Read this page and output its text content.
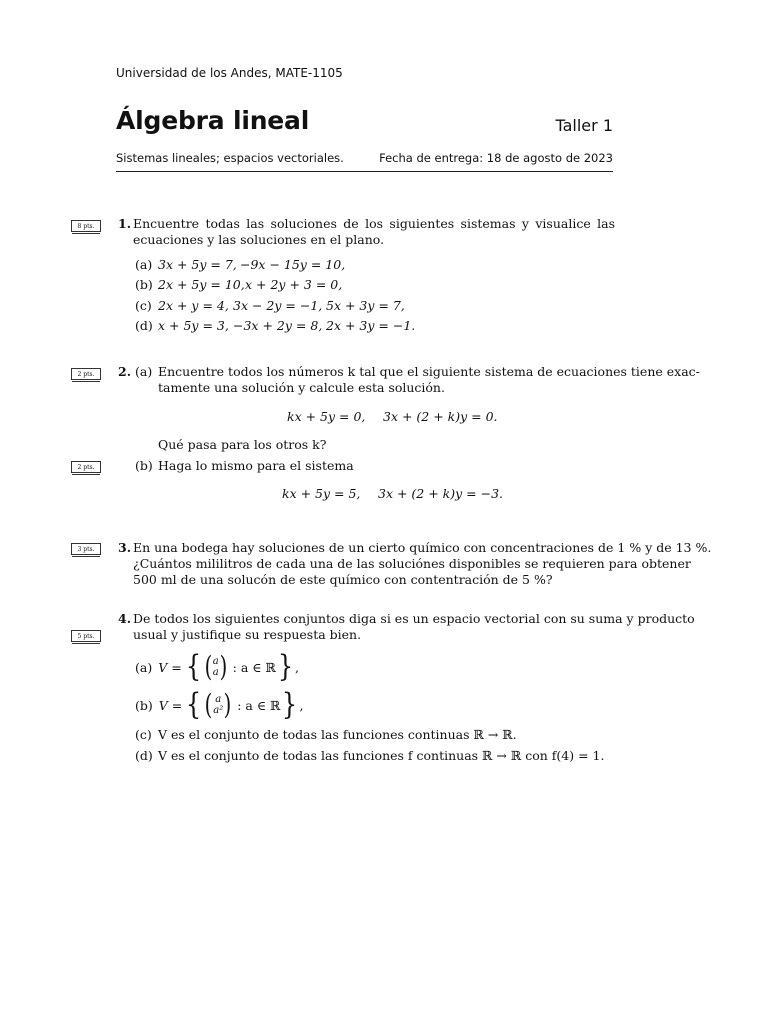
Universidad de los Andes, MATE-1105
Álgebra lineal	Taller 1
Sistemas lineales; espacios vectoriales.	Fecha de entrega: 18 de agosto de 2023
8 pts.	1. Encuentre todas las soluciones de los siguientes sistemas y visualice las ecuaciones y las soluciones en el plano.
(a) 3x + 5y = 7, −9x − 15y = 10,
(b) 2x + 5y = 10, x + 2y + 3 = 0,
(c) 2x + y = 4, 3x − 2y = −1, 5x + 3y = 7,
(d) x + 5y = 3, −3x + 2y = 8, 2x + 3y = −1.
2 pts.	2. (a) Encuentre todos los números k tal que el siguiente sistema de ecuaciones tiene exac-
tamente una solución y calcule esta solución.
kx + 5y = 0, 3x + (2 + k)y = 0.
Qué pasa para los otros k?
2 pts.	(b) Haga lo mismo para el sistema
kx + 5y = 5, 3x + (2 + k)y = −3.
3 pts.	3. En una bodega hay soluciones de un cierto químico con concentraciones de 1 % y de 13 %.
¿Cuántos mililitros de cada una de las soluciónes disponibles se requieren para obtener
500 ml de una solucón de este químico con contentración de 5 %?
5 pts.
4. De todos los siguientes conjuntos diga si es un espacio vectorial con su suma y producto
usual y justifique su respuesta bien.
(a) V = { ( a
a ) : a ∈ ℝ } ,
(b) V = { ( a
a² ) : a ∈ ℝ } ,
(c) V es el conjunto de todas las funciones continuas ℝ → ℝ.
(d) V es el conjunto de todas las funciones f continuas ℝ → ℝ con f(4) = 1.
